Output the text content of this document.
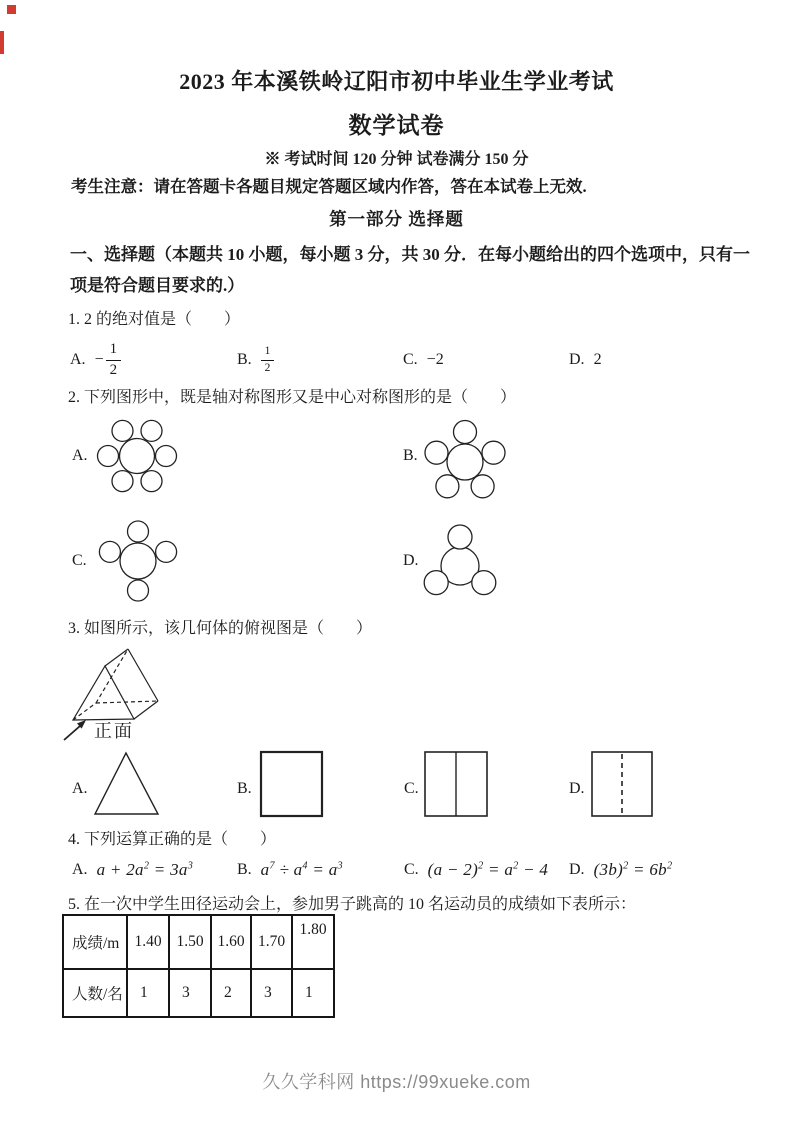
2023 年本溪铁岭辽阳市初中毕业生学业考试
数学试卷
※ 考试时间 120 分钟 试卷满分 150 分
考生注意：请在答题卡各题目规定答题区域内作答，答在本试卷上无效.
第一部分 选择题
一、选择题（本题共 10 小题，每小题 3 分，共 30 分．在每小题给出的四个选项中，只有一
项是符合题目要求的.）
1. 2 的绝对值是（　　）
A. − $\frac{1}{2}$	B. $\frac{1}{2}$	C. −2	D. 2
2. 下列图形中，既是轴对称图形又是中心对称图形的是（　　）
A.	B.
C.	D.
3. 如图所示，该几何体的俯视图是（　　）
正面
A.	B.	C.	D.
4. 下列运算正确的是（　　）
A. $a + 2a^2 = 3a^3$	B. $a^7 \div a^4 = a^3$	C. $(a - 2)^2 = a^2 - 4$ D. $(3b)^2 = 6b^2$
5. 在一次中学生田径运动会上，参加男子跳高的 10 名运动员的成绩如下表所示：
成绩/m	1.40	1.50	1.60	1.70	1.80
人数/名	1	3	2	3	1
久久学科网 https://99xueke.com
